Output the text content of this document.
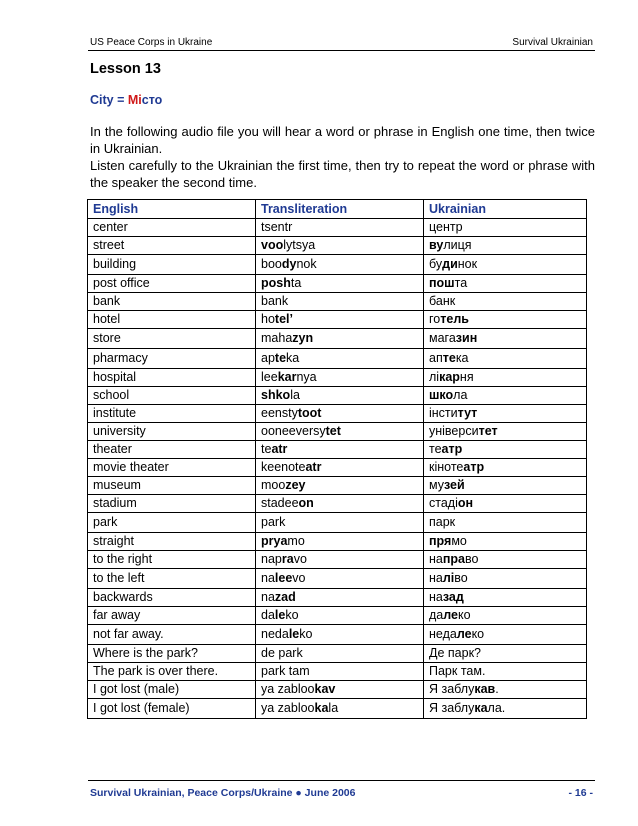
US Peace Corps in Ukraine	Survival Ukrainian
Lesson 13
City = Місто

In the following audio file you will hear a word or phrase in English one time, then twice in Ukrainian.

Listen carefully to the Ukrainian the first time, then try to repeat the word or phrase with the speaker the second time.

English	Transliteration	Ukrainian
center	tsentr	центр
street	voolytsya	вулиця
building	boodynok	будинок
post office	poshta	пошта
bank	bank	банк
hotel	hotel’	готель
store	mahazyn	магазин
pharmacy	apteka	аптека
hospital	leekarnya	лікарня
school	shkola	школа
institute	eenstytoot	інститут
university	ooneeversytet	університет
theater	teatr	театр
movie theater	keenoteatr	кінотеатр
museum	moozey	музей
stadium	stadeeon	стадіон
park	park	парк
straight	pryamo	прямо
to the right	napravo	направо
to the left	naleevo	наліво
backwards	nazad	назад
far away	daleko	далеко
not far away.	nedaleko	недалеко
Where is the park?	de park	Де парк?
The park is over there.	park tam	Парк там.
I got lost (male)	ya zablookav	Я заблукав.
I got lost (female)	ya zablookala	Я заблукала.
Survival Ukrainian, Peace Corps/Ukraine ● June 2006	- 16 -
